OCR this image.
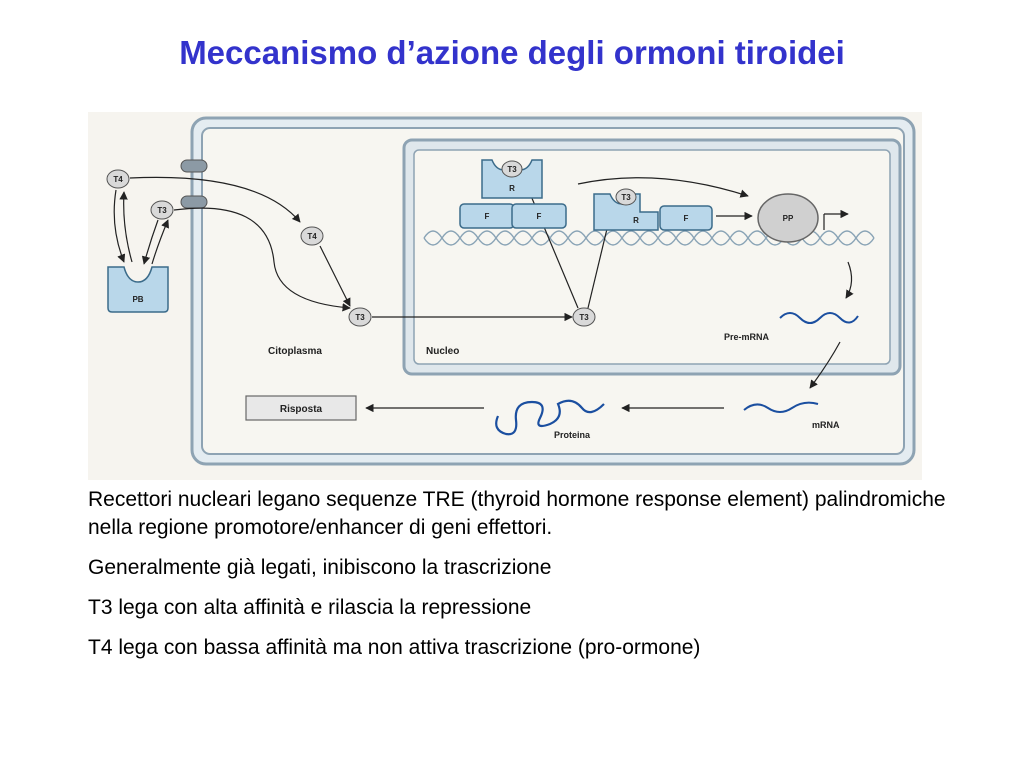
Meccanismo d’azione degli ormoni tiroidei
T4
T3
PB
T4
T3	T3
R
T3
F	F
T3
R	F	PP
Pre-mRNA
mRNA
Proteina
Risposta
Citoplasma	Nucleo

Recettori nucleari legano sequenze TRE (thyroid hormone response element) palindromiche nella regione promotore/enhancer di geni effettori.

Generalmente già legati, inibiscono la trascrizione

T3 lega con alta affinità e rilascia la repressione

T4 lega con bassa affinità ma non attiva trascrizione (pro-ormone)
